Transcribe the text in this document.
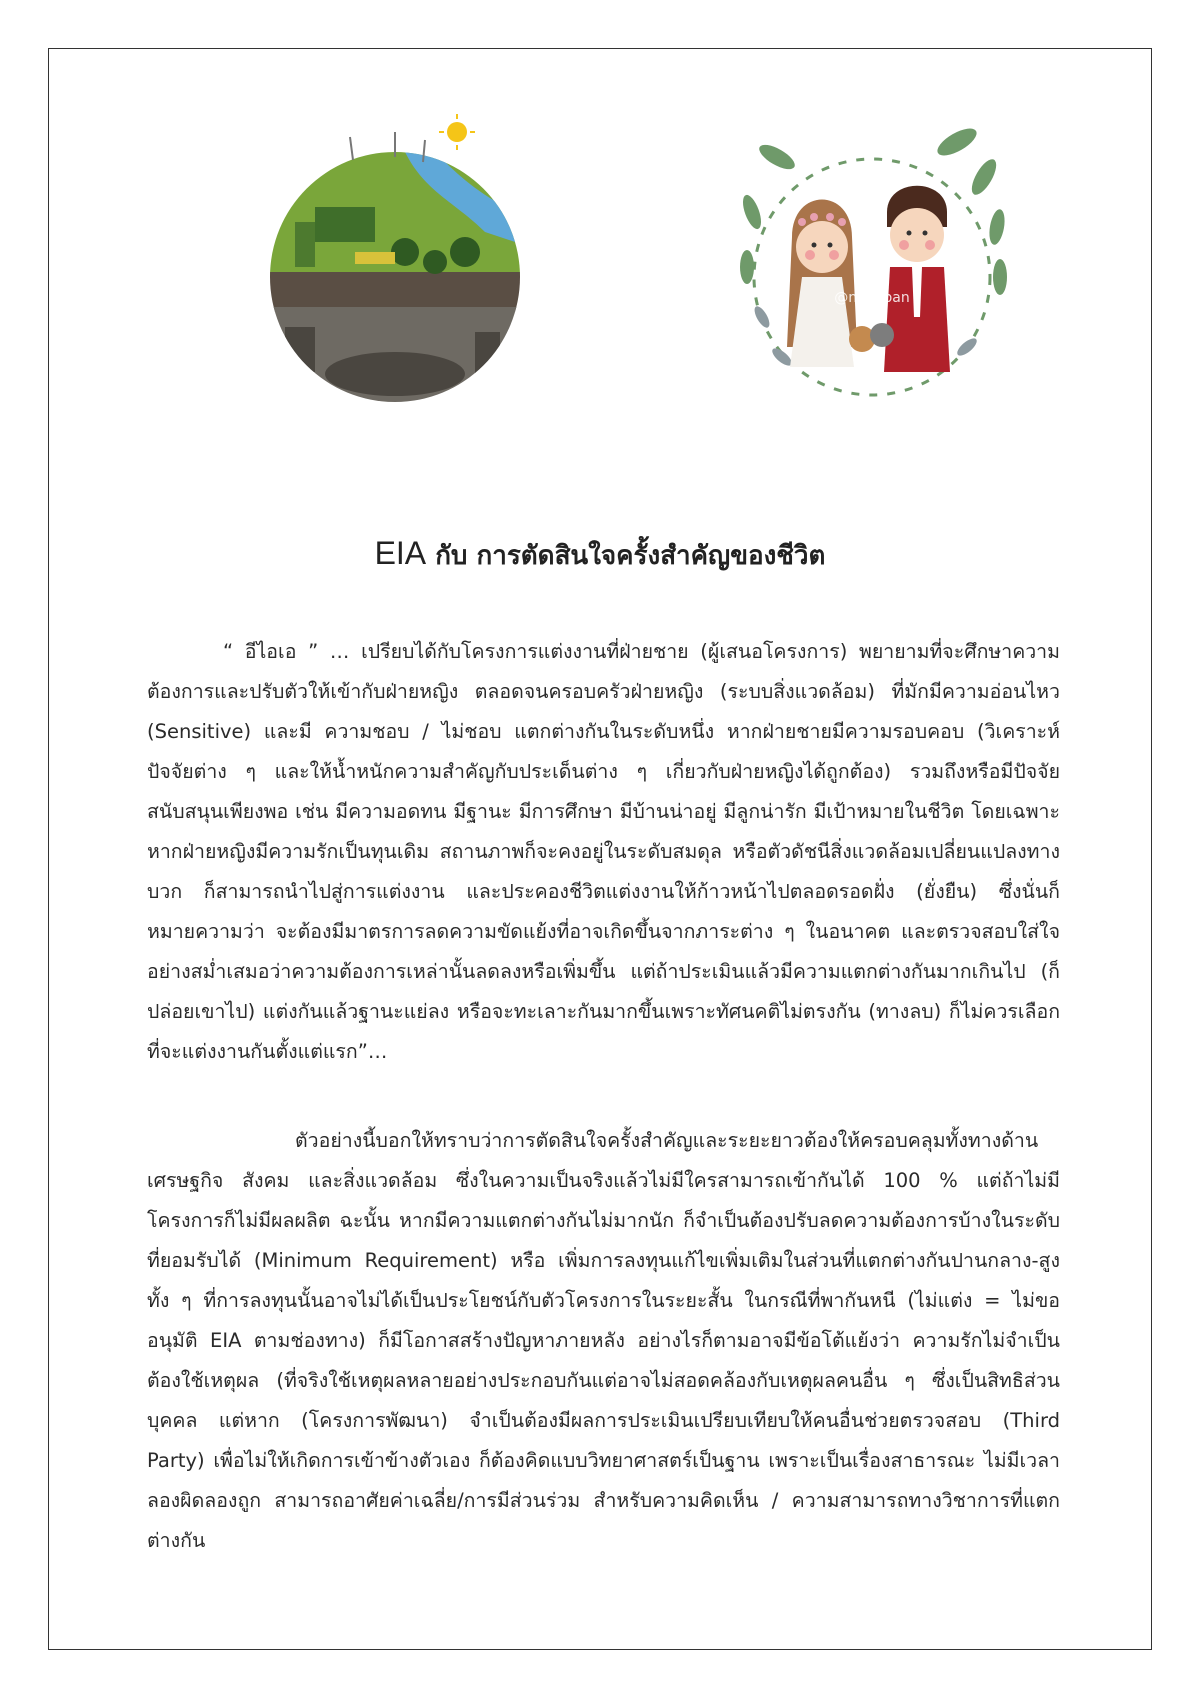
@nannpan
EIA กับ การตัดสินใจครั้งสำคัญของชีวิต

“ อีไอเอ ” … เปรียบได้กับโครงการแต่งงานที่ฝ่ายชาย (ผู้เสนอโครงการ) พยายามที่จะศึกษาความต้องการและปรับตัวให้เข้ากับฝ่ายหญิง ตลอดจนครอบครัวฝ่ายหญิง (ระบบสิ่งแวดล้อม) ที่มักมีความอ่อนไหว (Sensitive) และมี ความชอบ / ไม่ชอบ แตกต่างกันในระดับหนึ่ง หากฝ่ายชายมีความรอบคอบ (วิเคราะห์ปัจจัยต่าง ๆ และให้น้ำหนักความสำคัญกับประเด็นต่าง ๆ เกี่ยวกับฝ่ายหญิงได้ถูกต้อง) รวมถึงหรือมีปัจจัยสนับสนุนเพียงพอ เช่น มีความอดทน มีฐานะ มีการศึกษา มีบ้านน่าอยู่ มีลูกน่ารัก มีเป้าหมายในชีวิต โดยเฉพาะหากฝ่ายหญิงมีความรักเป็นทุนเดิม สถานภาพก็จะคงอยู่ในระดับสมดุล หรือตัวดัชนีสิ่งแวดล้อมเปลี่ยนแปลงทางบวก ก็สามารถนำไปสู่การแต่งงาน และประคองชีวิตแต่งงานให้ก้าวหน้าไปตลอดรอดฝั่ง (ยั่งยืน) ซึ่งนั่นก็หมายความว่า จะต้องมีมาตรการลดความขัดแย้งที่อาจเกิดขึ้นจากภาระต่าง ๆ ในอนาคต และตรวจสอบใส่ใจอย่างสม่ำเสมอว่าความต้องการเหล่านั้นลดลงหรือเพิ่มขึ้น แต่ถ้าประเมินแล้วมีความแตกต่างกันมากเกินไป (ก็ปล่อยเขาไป) แต่งกันแล้วฐานะแย่ลง หรือจะทะเลาะกันมากขึ้นเพราะทัศนคติไม่ตรงกัน (ทางลบ) ก็ไม่ควรเลือกที่จะแต่งงานกันตั้งแต่แรก”…

ตัวอย่างนี้บอกให้ทราบว่าการตัดสินใจครั้งสำคัญและระยะยาวต้องให้ครอบคลุมทั้งทางด้านเศรษฐกิจ สังคม และสิ่งแวดล้อม ซึ่งในความเป็นจริงแล้วไม่มีใครสามารถเข้ากันได้ 100 % แต่ถ้าไม่มีโครงการก็ไม่มีผลผลิต ฉะนั้น หากมีความแตกต่างกันไม่มากนัก ก็จำเป็นต้องปรับลดความต้องการบ้างในระดับที่ยอมรับได้ (Minimum Requirement) หรือ เพิ่มการลงทุนแก้ไขเพิ่มเติมในส่วนที่แตกต่างกันปานกลาง-สูง ทั้ง ๆ ที่การลงทุนนั้นอาจไม่ได้เป็นประโยชน์กับตัวโครงการในระยะสั้น ในกรณีที่พากันหนี (ไม่แต่ง = ไม่ขออนุมัติ EIA ตามช่องทาง) ก็มีโอกาสสร้างปัญหาภายหลัง อย่างไรก็ตามอาจมีข้อโต้แย้งว่า ความรักไม่จำเป็นต้องใช้เหตุผล (ที่จริงใช้เหตุผลหลายอย่างประกอบกันแต่อาจไม่สอดคล้องกับเหตุผลคนอื่น ๆ ซึ่งเป็นสิทธิส่วนบุคคล แต่หาก (โครงการพัฒนา) จำเป็นต้องมีผลการประเมินเปรียบเทียบให้คนอื่นช่วยตรวจสอบ (Third Party) เพื่อไม่ให้เกิดการเข้าข้างตัวเอง ก็ต้องคิดแบบวิทยาศาสตร์เป็นฐาน เพราะเป็นเรื่องสาธารณะ ไม่มีเวลาลองผิดลองถูก สามารถอาศัยค่าเฉลี่ย/การมีส่วนร่วม สำหรับความคิดเห็น / ความสามารถทางวิชาการที่แตกต่างกัน
